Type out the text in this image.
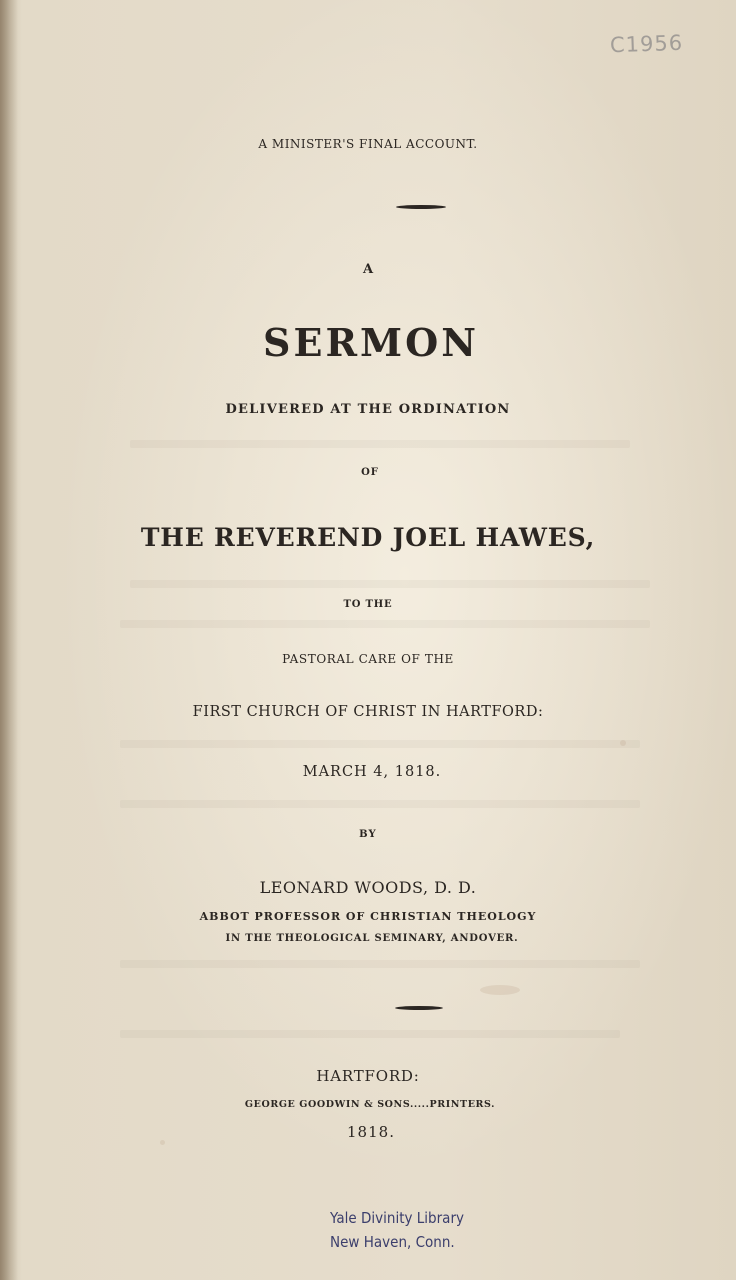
C1956
A MINISTER'S FINAL ACCOUNT.
A
SERMON
DELIVERED AT THE ORDINATION
OF
THE REVEREND JOEL HAWES,
TO THE
PASTORAL CARE OF THE
FIRST CHURCH OF CHRIST IN HARTFORD:
MARCH 4, 1818.
BY
LEONARD WOODS, D. D.
ABBOT PROFESSOR OF CHRISTIAN THEOLOGY
IN THE THEOLOGICAL SEMINARY, ANDOVER.
HARTFORD:
GEORGE GOODWIN & SONS.....PRINTERS.
1818.
Yale Divinity Library
New Haven, Conn.
